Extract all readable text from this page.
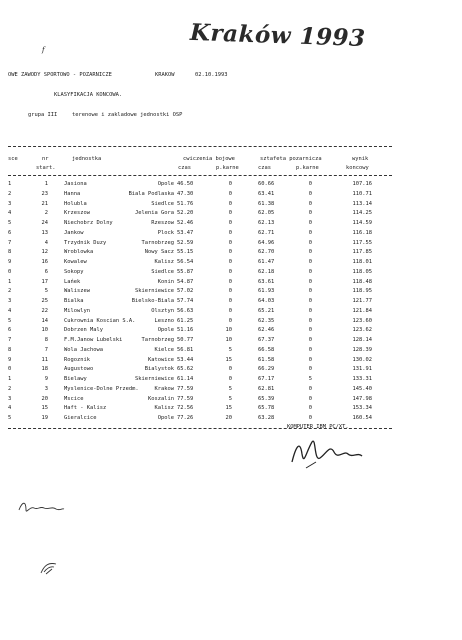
Kraków 1993
f
OWE ZAWODY SPORTOWO - POZARNICZE	KRAKOW	02.10.1993
KLASYFIKACJA KONCOWA.
grupa III	terenowe i zakladowe jednostki OSP
sce	nr
start.
jednostka	cwiczenia bojowe
czas	p.karne
sztafeta pozarnicza
czas	p.karne
wynik
koncowy
1	1	Jasiona	Opole 46.50	0	60.66	0	107.16
2	23	Hanna	Biala Podlaska 47.30	0	63.41	0	110.71
3	21	Holubla	Siedlce 51.76	0	61.38	0	113.14
4	2	Krzeszow	Jelenia Gora 52.20	0	62.05	0	114.25
5	24	Niechobrz Dolny	Rzeszow 52.46	0	62.13	0	114.59
6	13	Jankow	Plock 53.47	0	62.71	0	116.18
7	4	Trzydnik Duzy	Tarnobrzeg 52.59	0	64.96	0	117.55
8	12	Wroblowka	Nowy Sacz 55.15	0	62.70	0	117.85
9	16	Kowalew	Kalisz 56.54	0	61.47	0	118.01
0	6	Sokopy	Siedlce 55.87	0	62.18	0	118.05
1	17	Lańek	Konin 54.87	0	63.61	0	118.48
2	5	Waliszew	Skierniewice 57.02	0	61.93	0	118.95
3	25	Bialka	Bielsko-Biala 57.74	0	64.03	0	121.77
4	22	Milowlyn	Olsztyn 56.63	0	65.21	0	121.84
5	14	Cukrownia Koscian S.A.	Leszno 61.25	0	62.35	0	123.60
6	10	Dobrzen Maly	Opole 51.16	10	62.46	0	123.62
7	8	F.M.Janow Lubelski	Tarnobrzeg 50.77	10	67.37	0	128.14
8	7	Wola Jachowa	Kielce 56.81	5	66.58	0	128.39
9	11	Rogoznik	Katowice 53.44	15	61.58	0	130.02
0	18	Augustowo	Bialystok 65.62	0	66.29	0	131.91
1	9	Bielawy	Skierniewice 61.14	0	67.17	5	133.31
2	3	Myslenice-Dolne Przedm.	Krakow 77.59	5	62.81	0	145.40
3	20	Mscice	Koszalin 77.59	5	65.39	0	147.98
4	15	Haft - Kalisz	Kalisz 72.56	15	65.78	0	153.34
5	19	Gieralcice	Opole 77.26	20	63.28	0	160.54
KOMPUTER IBM PC/XT.
